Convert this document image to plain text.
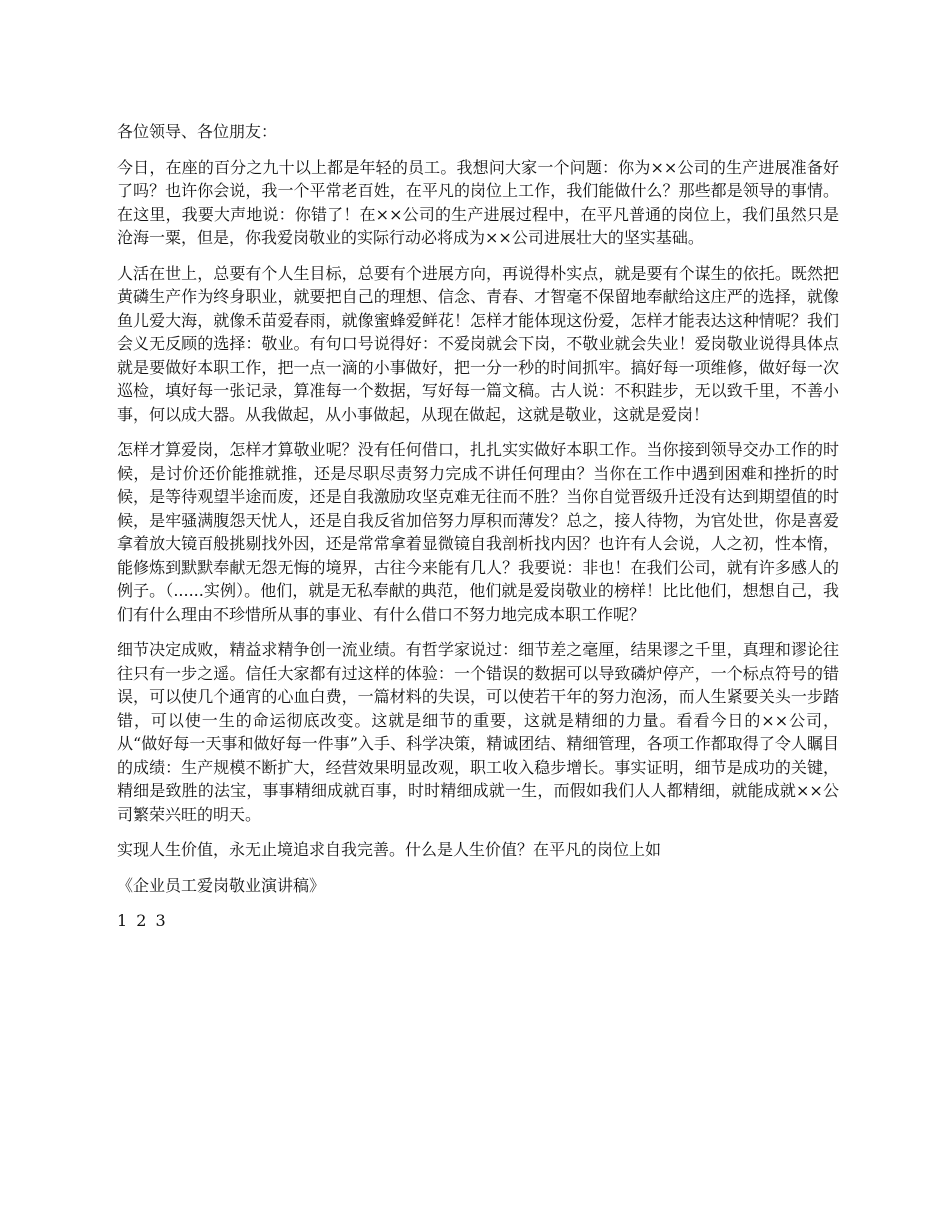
各位领导、各位朋友：

今日，在座的百分之九十以上都是年轻的员工。我想问大家一个问题：你为××公司的生产进展准备好了吗？也许你会说，我一个平常老百姓，在平凡的岗位上工作，我们能做什么？那些都是领导的事情。在这里，我要大声地说：你错了！在××公司的生产进展过程中，在平凡普通的岗位上，我们虽然只是沧海一粟，但是，你我爱岗敬业的实际行动必将成为××公司进展壮大的坚实基础。

人活在世上，总要有个人生目标，总要有个进展方向，再说得朴实点，就是要有个谋生的依托。既然把黄磷生产作为终身职业，就要把自己的理想、信念、青春、才智毫不保留地奉献给这庄严的选择，就像鱼儿爱大海，就像禾苗爱春雨，就像蜜蜂爱鲜花！怎样才能体现这份爱，怎样才能表达这种情呢？我们会义无反顾的选择：敬业。有句口号说得好：不爱岗就会下岗，不敬业就会失业！爱岗敬业说得具体点就是要做好本职工作，把一点一滴的小事做好，把一分一秒的时间抓牢。搞好每一项维修，做好每一次巡检，填好每一张记录，算准每一个数据，写好每一篇文稿。古人说：不积跬步，无以致千里，不善小事，何以成大器。从我做起，从小事做起，从现在做起，这就是敬业，这就是爱岗！

怎样才算爱岗，怎样才算敬业呢？没有任何借口，扎扎实实做好本职工作。当你接到领导交办工作的时候，是讨价还价能推就推，还是尽职尽责努力完成不讲任何理由？当你在工作中遇到困难和挫折的时候，是等待观望半途而废，还是自我激励攻坚克难无往而不胜？当你自觉晋级升迁没有达到期望值的时候，是牢骚满腹怨天忧人，还是自我反省加倍努力厚积而薄发？总之，接人待物，为官处世，你是喜爱拿着放大镜百般挑剔找外因，还是常常拿着显微镜自我剖析找内因？也许有人会说，人之初，性本惰，能修炼到默默奉献无怨无悔的境界，古往今来能有几人？我要说：非也！在我们公司，就有许多感人的例子。（......实例）。他们，就是无私奉献的典范，他们就是爱岗敬业的榜样！比比他们，想想自己，我们有什么理由不珍惜所从事的事业、有什么借口不努力地完成本职工作呢？

细节决定成败，精益求精争创一流业绩。有哲学家说过：细节差之毫厘，结果谬之千里，真理和谬论往往只有一步之遥。信任大家都有过这样的体验：一个错误的数据可以导致磷炉停产，一个标点符号的错误，可以使几个通宵的心血白费，一篇材料的失误，可以使若干年的努力泡汤，而人生紧要关头一步踏错，可以使一生的命运彻底改变。这就是细节的重要，这就是精细的力量。看看今日的××公司，从“做好每一天事和做好每一件事”入手、科学决策，精诚团结、精细管理，各项工作都取得了令人瞩目的成绩：生产规模不断扩大，经营效果明显改观，职工收入稳步增长。事实证明，细节是成功的关键，精细是致胜的法宝，事事精细成就百事，时时精细成就一生，而假如我们人人都精细，就能成就××公司繁荣兴旺的明天。

实现人生价值，永无止境追求自我完善。什么是人生价值？在平凡的岗位上如

《企业员工爱岗敬业演讲稿》

1 2 3
